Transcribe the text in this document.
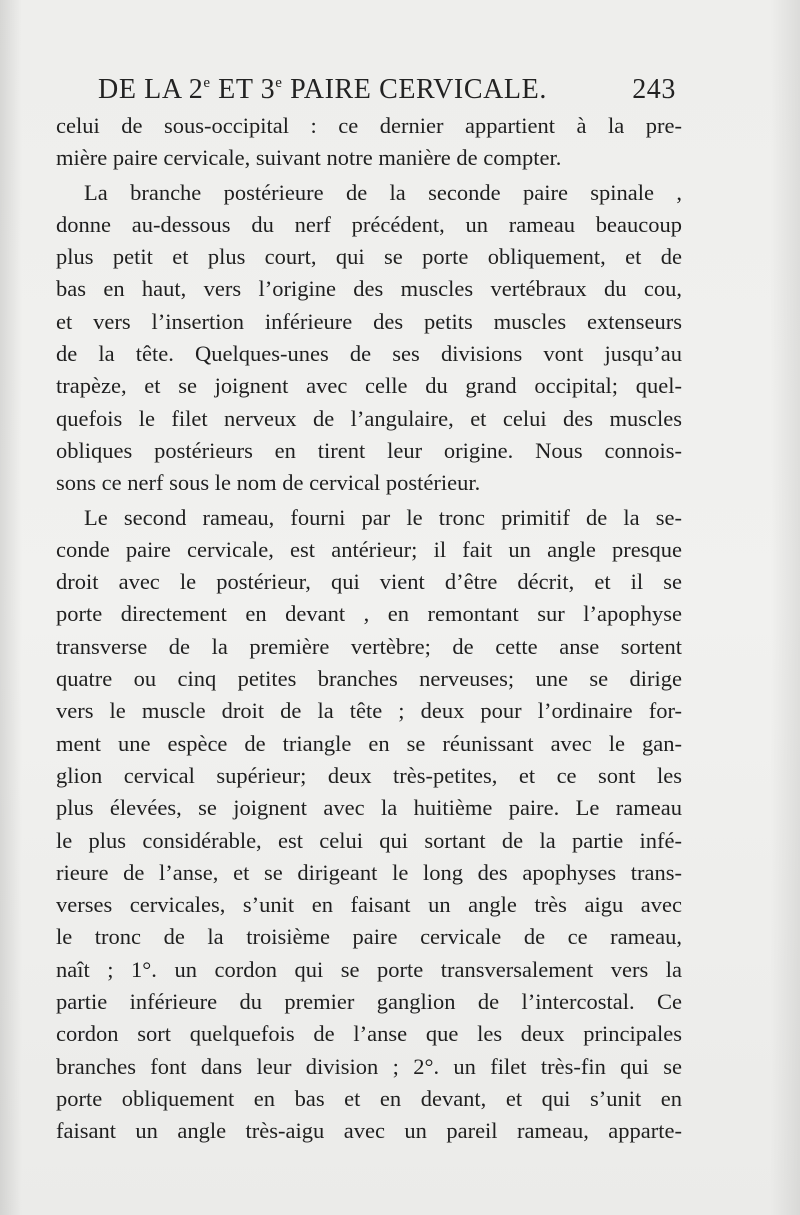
DE LA 2e ET 3e PAIRE CERVICALE.	243

celui de sous-occipital : ce dernier appartient à la pre-
mière paire cervicale, suivant notre manière de compter.

La branche postérieure de la seconde paire spinale ,
donne au-dessous du nerf précédent, un rameau beaucoup
plus petit et plus court, qui se porte obliquement, et de
bas en haut, vers l’origine des muscles vertébraux du cou,
et vers l’insertion inférieure des petits muscles extenseurs
de la tête. Quelques-unes de ses divisions vont jusqu’au
trapèze, et se joignent avec celle du grand occipital; quel-
quefois le filet nerveux de l’angulaire, et celui des muscles
obliques postérieurs en tirent leur origine. Nous connois-
sons ce nerf sous le nom de cervical postérieur.

Le second rameau, fourni par le tronc primitif de la se-
conde paire cervicale, est antérieur; il fait un angle presque
droit avec le postérieur, qui vient d’être décrit, et il se
porte directement en devant , en remontant sur l’apophyse
transverse de la première vertèbre; de cette anse sortent
quatre ou cinq petites branches nerveuses; une se dirige
vers le muscle droit de la tête ; deux pour l’ordinaire for-
ment une espèce de triangle en se réunissant avec le gan-
glion cervical supérieur; deux très-petites, et ce sont les
plus élevées, se joignent avec la huitième paire. Le rameau
le plus considérable, est celui qui sortant de la partie infé-
rieure de l’anse, et se dirigeant le long des apophyses trans-
verses cervicales, s’unit en faisant un angle très aigu avec
le tronc de la troisième paire cervicale de ce rameau,
naît ; 1°. un cordon qui se porte transversalement vers la
partie inférieure du premier ganglion de l’intercostal. Ce
cordon sort quelquefois de l’anse que les deux principales
branches font dans leur division ; 2°. un filet très-fin qui se
porte obliquement en bas et en devant, et qui s’unit en
faisant un angle très-aigu avec un pareil rameau, apparte-
